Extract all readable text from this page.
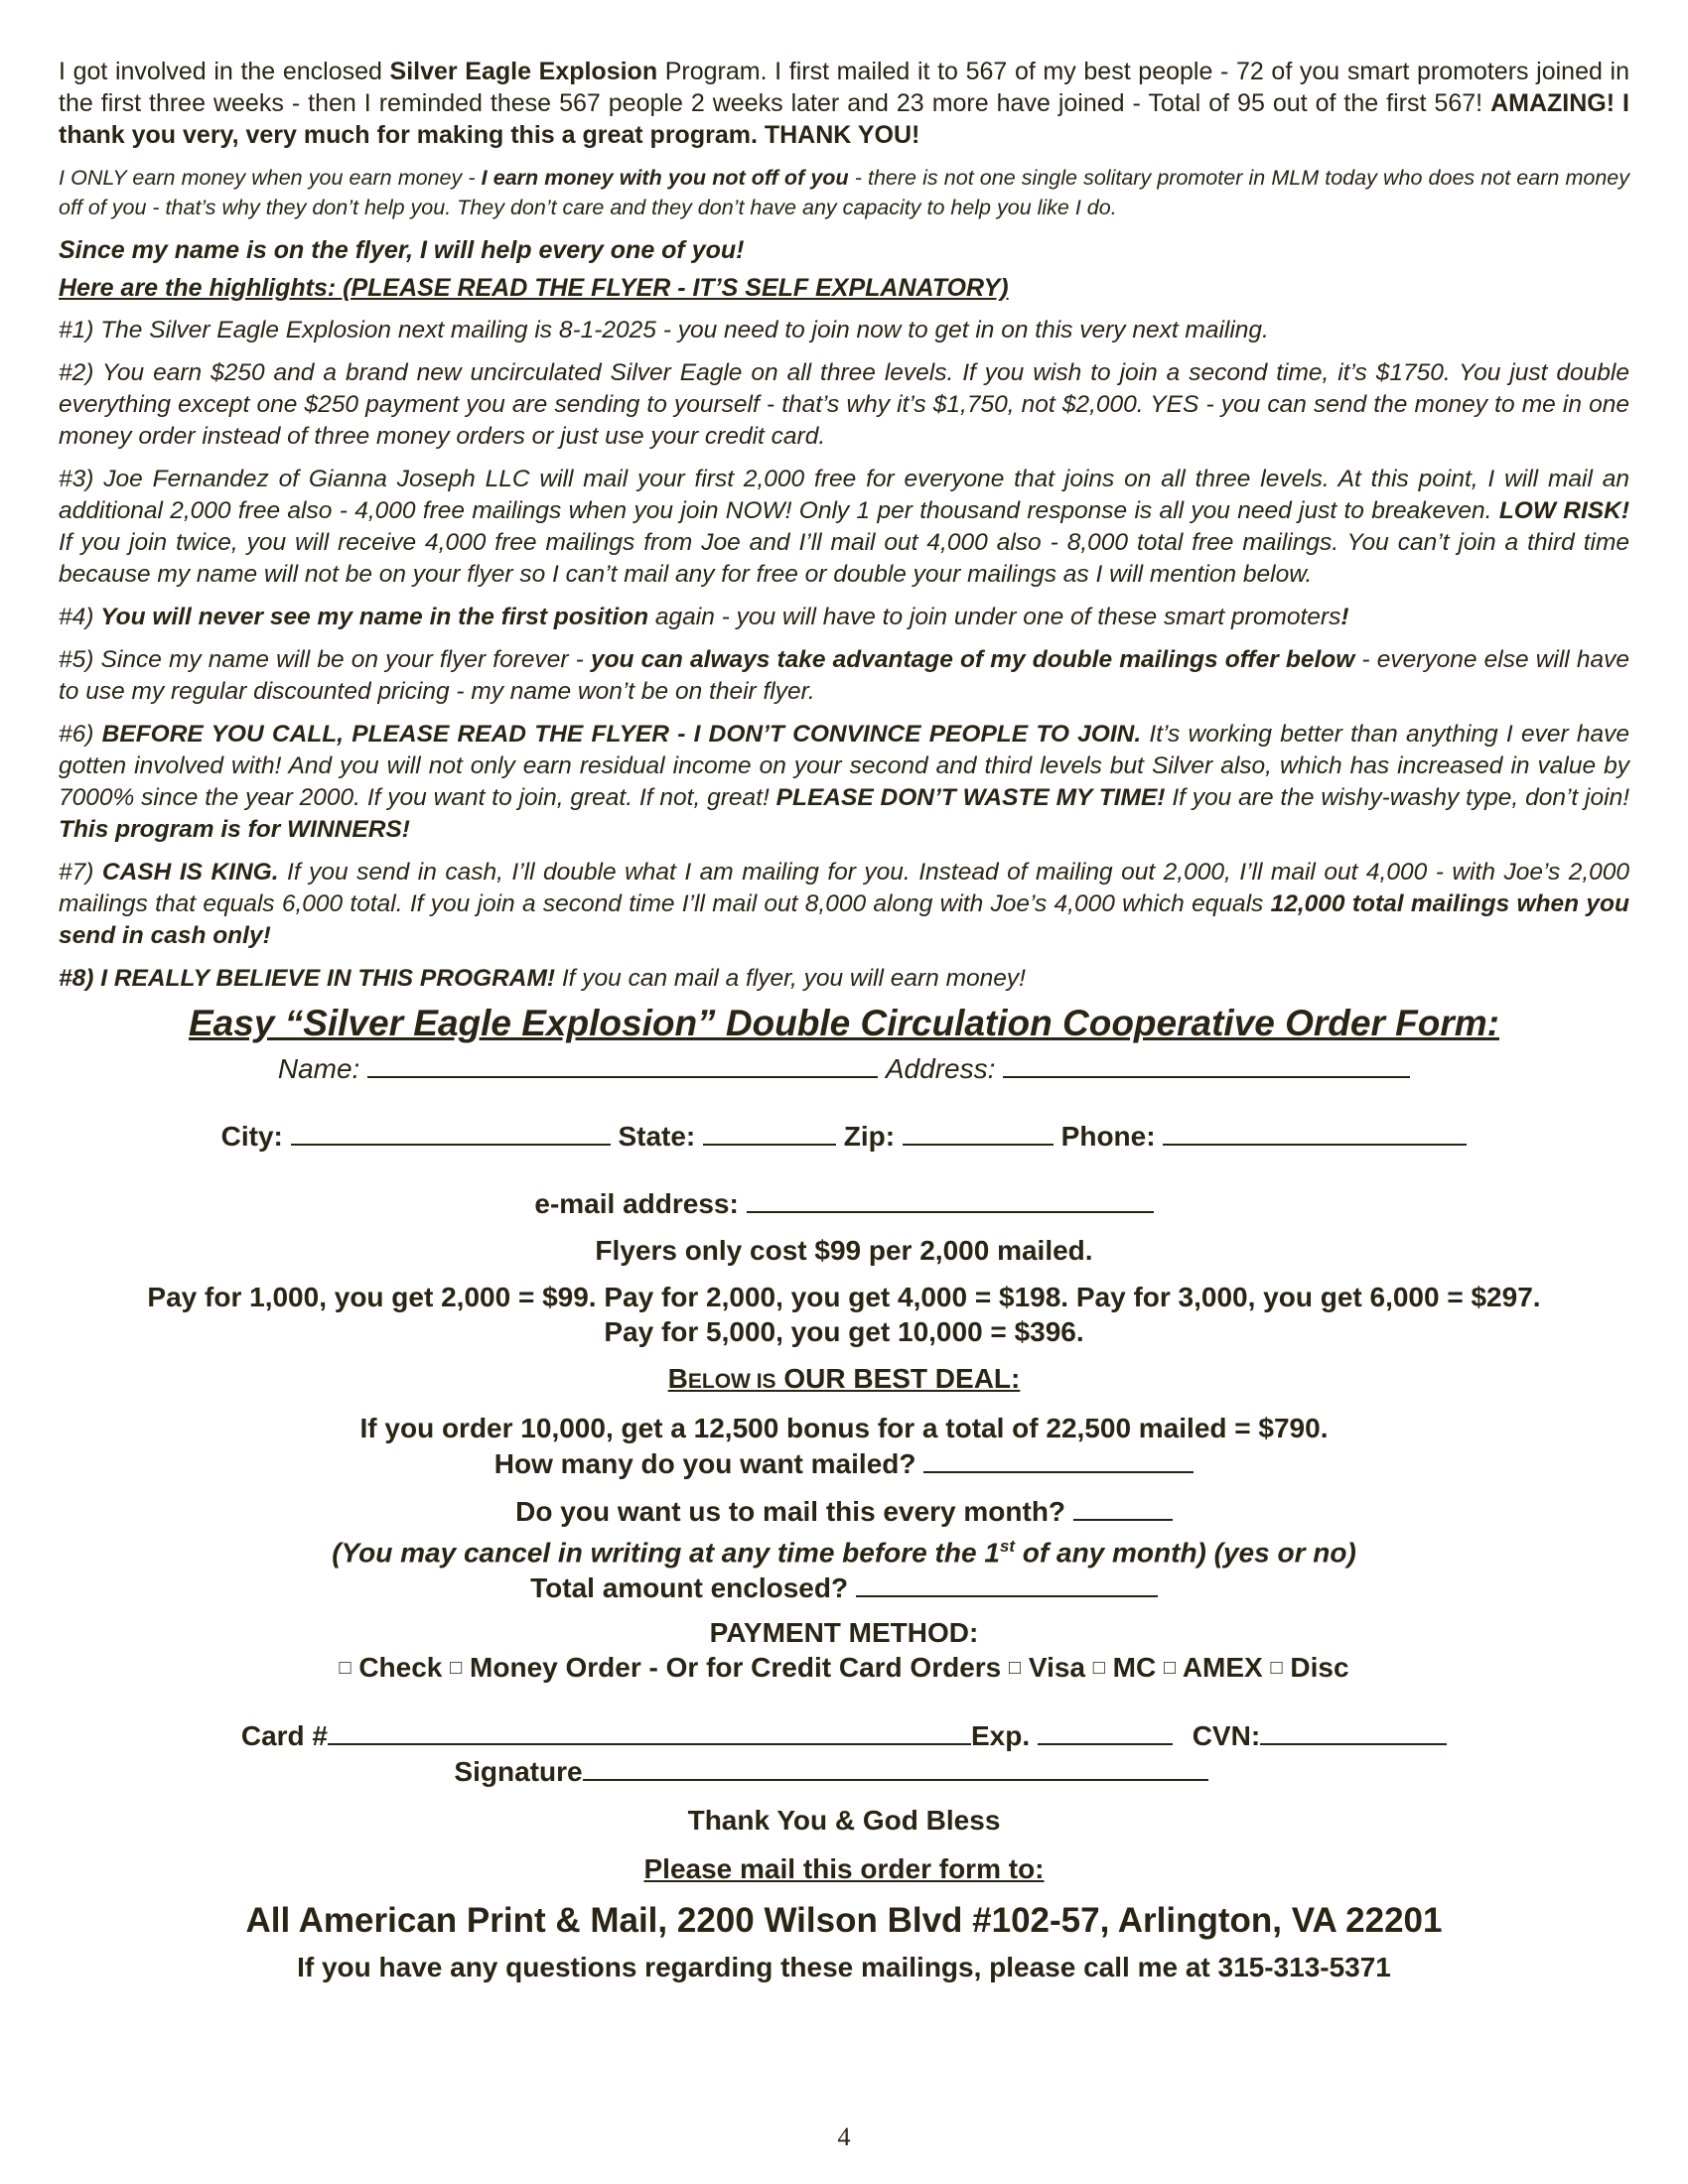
I got involved in the enclosed Silver Eagle Explosion Program. I first mailed it to 567 of my best people - 72 of you smart promoters joined in the first three weeks - then I reminded these 567 people 2 weeks later and 23 more have joined - Total of 95 out of the first 567! AMAZING! I thank you very, very much for making this a great program. THANK YOU!

I ONLY earn money when you earn money - I earn money with you not off of you - there is not one single solitary promoter in MLM today who does not earn money off of you - that’s why they don’t help you. They don’t care and they don’t have any capacity to help you like I do.

Since my name is on the flyer, I will help every one of you!

Here are the highlights: (PLEASE READ THE FLYER - IT’S SELF EXPLANATORY)

#1) The Silver Eagle Explosion next mailing is 8-1-2025 - you need to join now to get in on this very next mailing.

#2) You earn $250 and a brand new uncirculated Silver Eagle on all three levels. If you wish to join a second time, it’s $1750. You just double everything except one $250 payment you are sending to yourself - that’s why it’s $1,750, not $2,000. YES - you can send the money to me in one money order instead of three money orders or just use your credit card.

#3) Joe Fernandez of Gianna Joseph LLC will mail your first 2,000 free for everyone that joins on all three levels. At this point, I will mail an additional 2,000 free also - 4,000 free mailings when you join NOW! Only 1 per thousand response is all you need just to breakeven. LOW RISK! If you join twice, you will receive 4,000 free mailings from Joe and I’ll mail out 4,000 also - 8,000 total free mailings. You can’t join a third time because my name will not be on your flyer so I can’t mail any for free or double your mailings as I will mention below.

#4) You will never see my name in the first position again - you will have to join under one of these smart promoters!

#5) Since my name will be on your flyer forever - you can always take advantage of my double mailings offer below - everyone else will have to use my regular discounted pricing - my name won’t be on their flyer.

#6) BEFORE YOU CALL, PLEASE READ THE FLYER - I DON’T CONVINCE PEOPLE TO JOIN. It’s working better than anything I ever have gotten involved with! And you will not only earn residual income on your second and third levels but Silver also, which has increased in value by 7000% since the year 2000. If you want to join, great. If not, great! PLEASE DON’T WASTE MY TIME! If you are the wishy-washy type, don’t join! This program is for WINNERS!

#7) CASH IS KING. If you send in cash, I’ll double what I am mailing for you. Instead of mailing out 2,000, I’ll mail out 4,000 - with Joe’s 2,000 mailings that equals 6,000 total. If you join a second time I’ll mail out 8,000 along with Joe’s 4,000 which equals 12,000 total mailings when you send in cash only!

#8) I REALLY BELIEVE IN THIS PROGRAM! If you can mail a flyer, you will earn money!

Easy “Silver Eagle Explosion” Double Circulation Cooperative Order Form:

Name:	Address:

City:	State:	Zip:	Phone:

e-mail address:

Flyers only cost $99 per 2,000 mailed.

Pay for 1,000, you get 2,000 = $99. Pay for 2,000, you get 4,000 = $198. Pay for 3,000, you get 6,000 = $297.

Pay for 5,000, you get 10,000 = $396.

BELOW IS OUR BEST DEAL:

If you order 10,000, get a 12,500 bonus for a total of 22,500 mailed = $790.

How many do you want mailed?

Do you want us to mail this every month?

(You may cancel in writing at any time before the 1st of any month) (yes or no)

Total amount enclosed?

PAYMENT METHOD:

□ Check □ Money Order - Or for Credit Card Orders □ Visa □ MC □ AMEX □ Disc

Card #	Exp.	CVN:

Signature

Thank You & God Bless

Please mail this order form to:

All American Print & Mail, 2200 Wilson Blvd #102-57, Arlington, VA 22201

If you have any questions regarding these mailings, please call me at 315-313-5371

4
